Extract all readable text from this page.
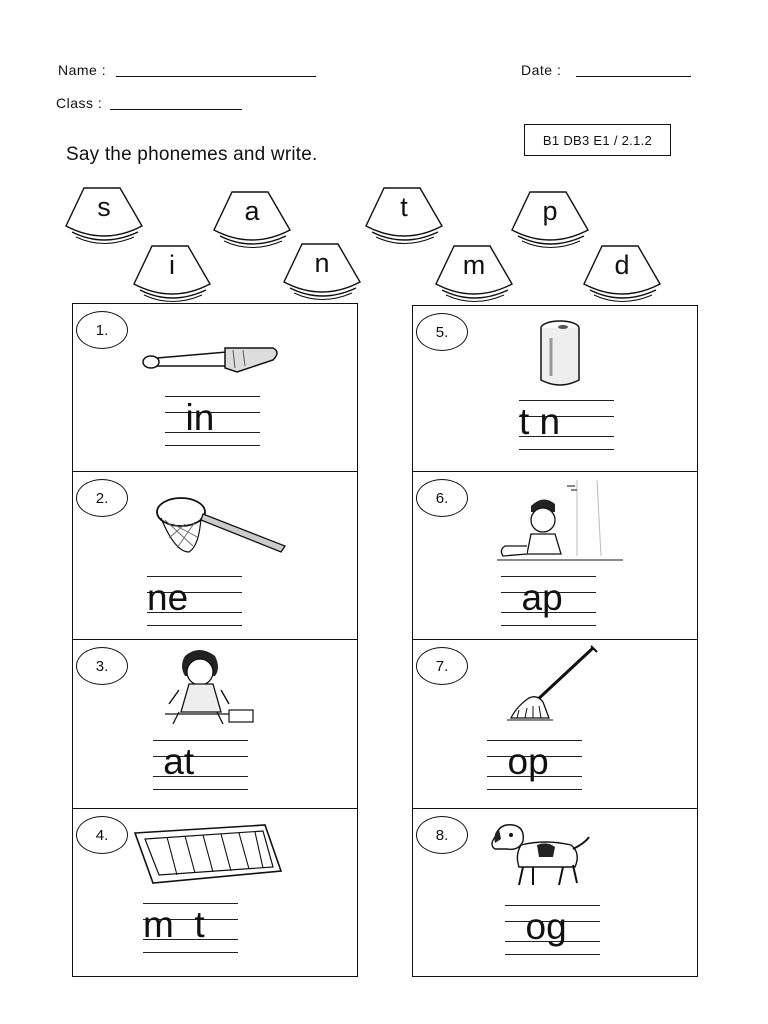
Name :	Date :
Class :
B1 DB3 E1 / 2.1.2
Say the phonemes and write.
s	a	t	p
i	n	m	d
1.
in
2.
ne
3.
at
4.
m  t
5.
t n
6.
ap
7.
op
8.
og
